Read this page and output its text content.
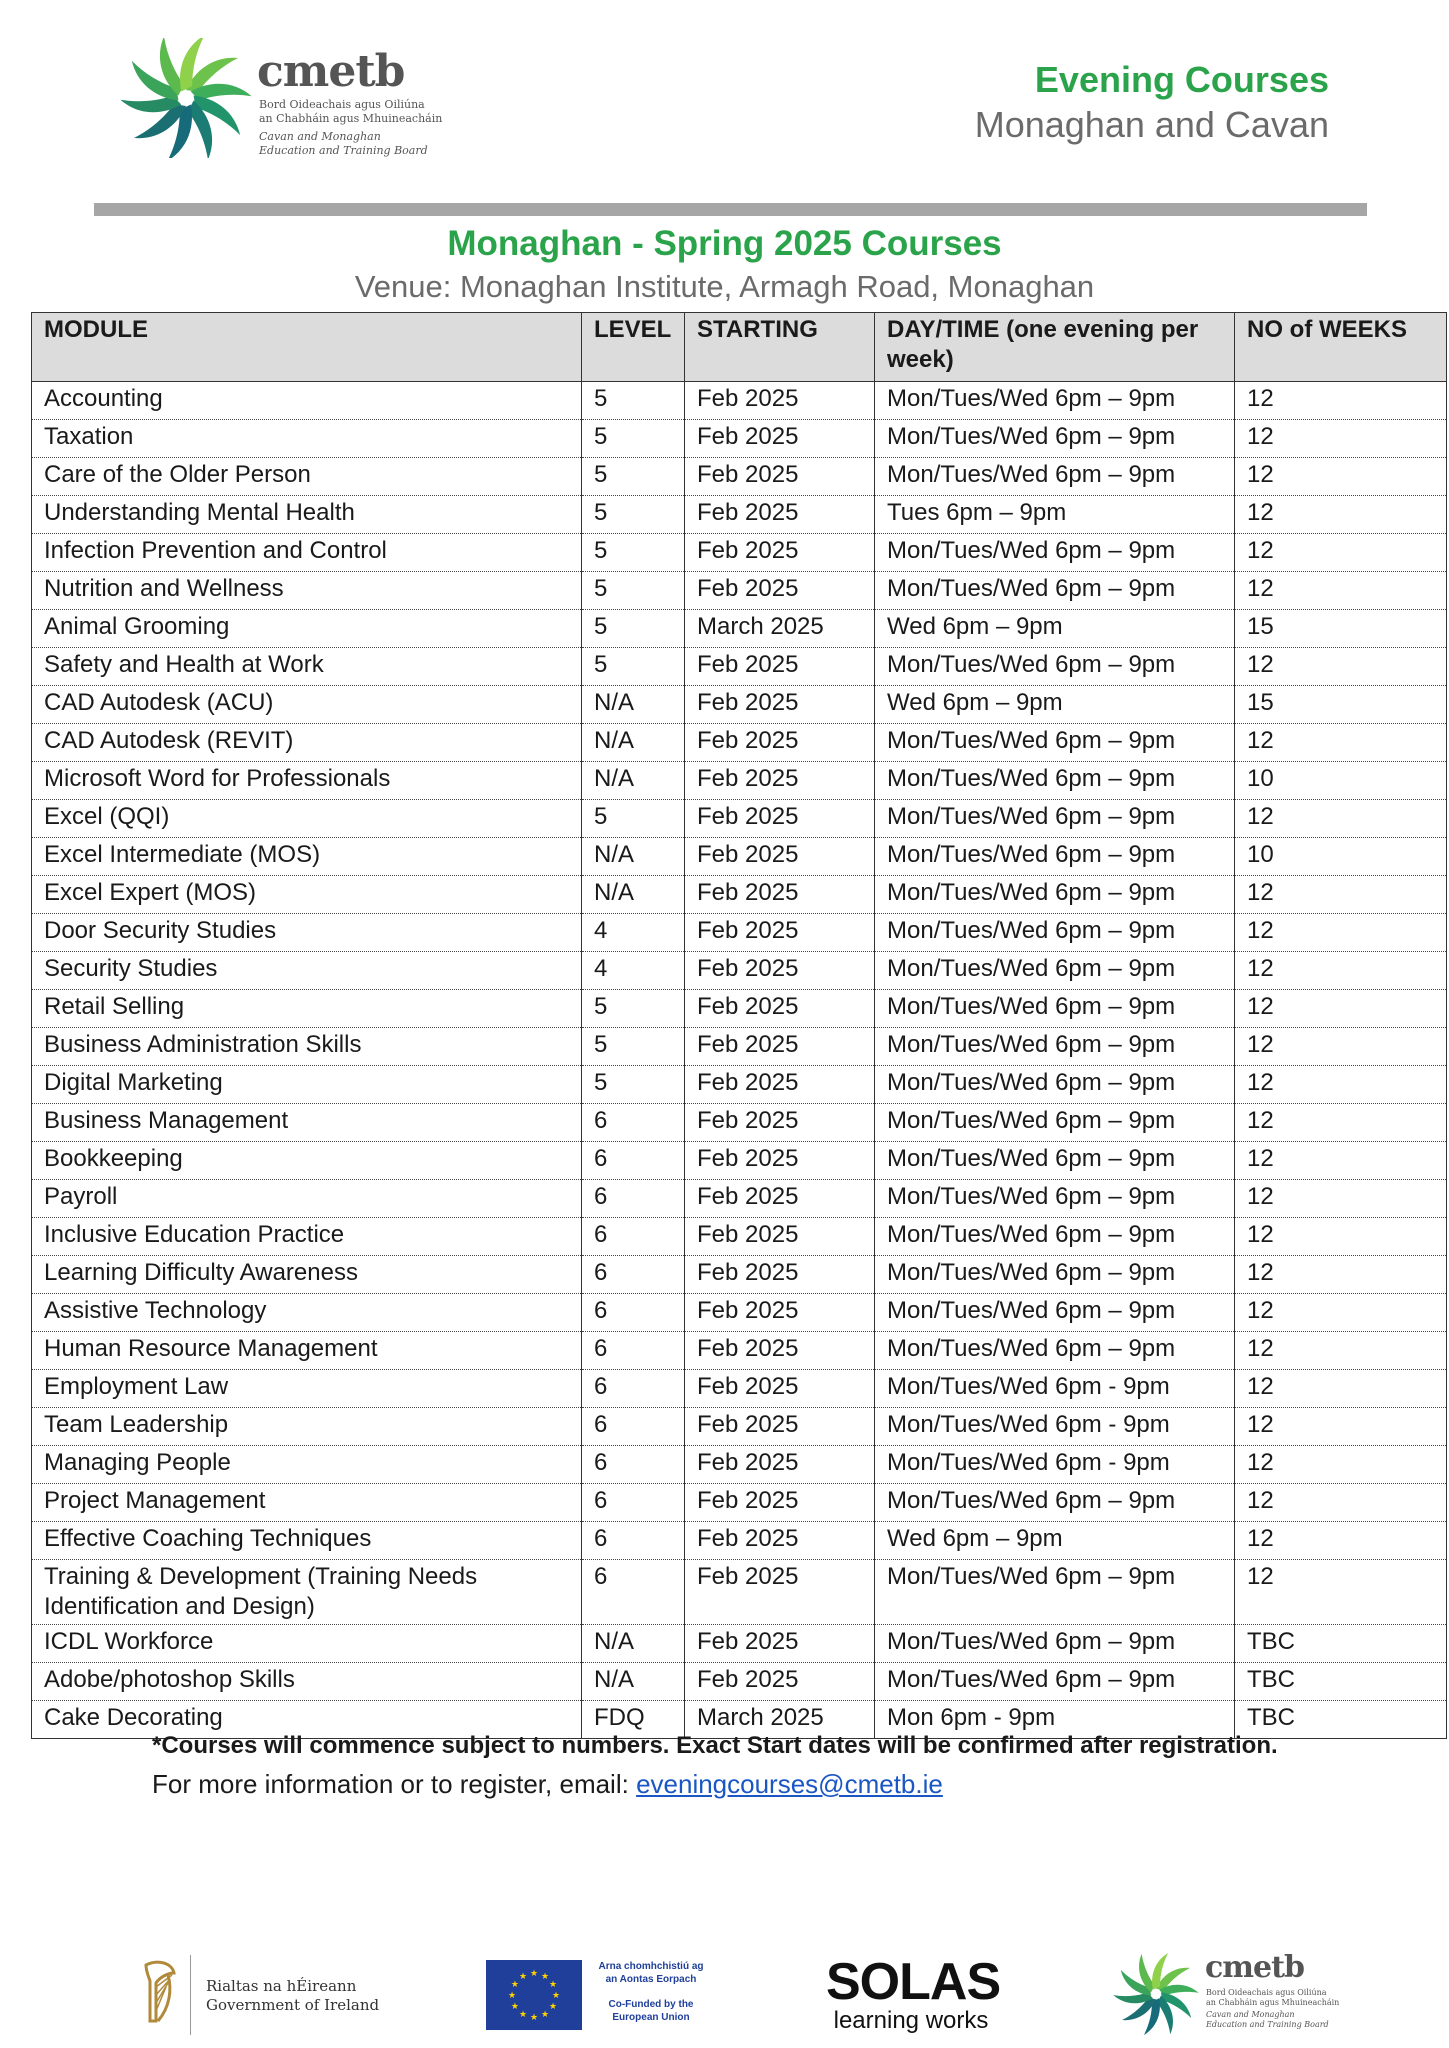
cmetb
Bord Oideachais agus Oiliúna
an Chabháin agus Mhuineacháin
Cavan and Monaghan
Education and Training Board
Evening Courses
Monaghan and Cavan
Monaghan - Spring 2025 Courses
Venue: Monaghan Institute, Armagh Road, Monaghan
MODULE	LEVEL	STARTING	DAY/TIME (one evening per week)	NO of WEEKS
Accounting	5	Feb 2025	Mon/Tues/Wed 6pm – 9pm	12
Taxation	5	Feb 2025	Mon/Tues/Wed 6pm – 9pm	12
Care of the Older Person	5	Feb 2025	Mon/Tues/Wed 6pm – 9pm	12
Understanding Mental Health	5	Feb 2025	Tues 6pm – 9pm	12
Infection Prevention and Control	5	Feb 2025	Mon/Tues/Wed 6pm – 9pm	12
Nutrition and Wellness	5	Feb 2025	Mon/Tues/Wed 6pm – 9pm	12
Animal Grooming	5	March 2025	Wed 6pm – 9pm	15
Safety and Health at Work	5	Feb 2025	Mon/Tues/Wed 6pm – 9pm	12
CAD Autodesk (ACU)	N/A	Feb 2025	Wed 6pm – 9pm	15
CAD Autodesk (REVIT)	N/A	Feb 2025	Mon/Tues/Wed 6pm – 9pm	12
Microsoft Word for Professionals	N/A	Feb 2025	Mon/Tues/Wed 6pm – 9pm	10
Excel (QQI)	5	Feb 2025	Mon/Tues/Wed 6pm – 9pm	12
Excel Intermediate (MOS)	N/A	Feb 2025	Mon/Tues/Wed 6pm – 9pm	10
Excel Expert (MOS)	N/A	Feb 2025	Mon/Tues/Wed 6pm – 9pm	12
Door Security Studies	4	Feb 2025	Mon/Tues/Wed 6pm – 9pm	12
Security Studies	4	Feb 2025	Mon/Tues/Wed 6pm – 9pm	12
Retail Selling	5	Feb 2025	Mon/Tues/Wed 6pm – 9pm	12
Business Administration Skills	5	Feb 2025	Mon/Tues/Wed 6pm – 9pm	12
Digital Marketing	5	Feb 2025	Mon/Tues/Wed 6pm – 9pm	12
Business Management	6	Feb 2025	Mon/Tues/Wed 6pm – 9pm	12
Bookkeeping	6	Feb 2025	Mon/Tues/Wed 6pm – 9pm	12
Payroll	6	Feb 2025	Mon/Tues/Wed 6pm – 9pm	12
Inclusive Education Practice	6	Feb 2025	Mon/Tues/Wed 6pm – 9pm	12
Learning Difficulty Awareness	6	Feb 2025	Mon/Tues/Wed 6pm – 9pm	12
Assistive Technology	6	Feb 2025	Mon/Tues/Wed 6pm – 9pm	12
Human Resource Management	6	Feb 2025	Mon/Tues/Wed 6pm – 9pm	12
Employment Law	6	Feb 2025	Mon/Tues/Wed 6pm - 9pm	12
Team Leadership	6	Feb 2025	Mon/Tues/Wed 6pm - 9pm	12
Managing People	6	Feb 2025	Mon/Tues/Wed 6pm - 9pm	12
Project Management	6	Feb 2025	Mon/Tues/Wed 6pm – 9pm	12
Effective Coaching Techniques	6	Feb 2025	Wed 6pm – 9pm	12
Training & Development (Training Needs Identification and Design)	6	Feb 2025	Mon/Tues/Wed 6pm – 9pm	12
ICDL Workforce	N/A	Feb 2025	Mon/Tues/Wed 6pm – 9pm	TBC
Adobe/photoshop Skills	N/A	Feb 2025	Mon/Tues/Wed 6pm – 9pm	TBC
Cake Decorating	FDQ	March 2025	Mon 6pm - 9pm	TBC
*Courses will commence subject to numbers. Exact Start dates will be confirmed after registration.
For more information or to register, email: eveningcourses@cmetb.ie
Rialtas na hÉireann
Government of Ireland
★ ★
★
★
★
★
★
★
★
★
★
★
Arna chomhchistiú ag
an Aontas Eorpach
Co-Funded by the
European Union
SOLAS
learning works
cmetb
Bord Oideachais agus Oiliúna
an Chabháin agus Mhuineacháin
Cavan and Monaghan
Education and Training Board
